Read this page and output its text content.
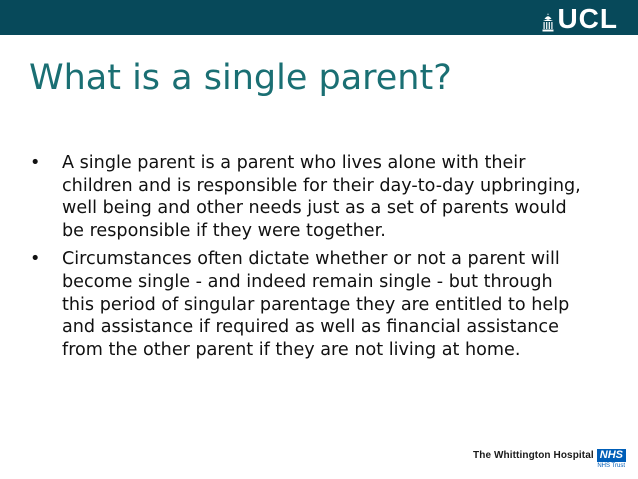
UCL
What is a single parent?
• A single parent is a parent who lives alone with their children and is responsible for their day-to-day upbringing, well being and other needs just as a set of parents would be responsible if they were together.
• Circumstances often dictate whether or not a parent will become single - and indeed remain single - but through this period of singular parentage they are entitled to help and assistance if required as well as financial assistance from the other parent if they are not living at home.
The Whittington Hospital NHS
NHS Trust
